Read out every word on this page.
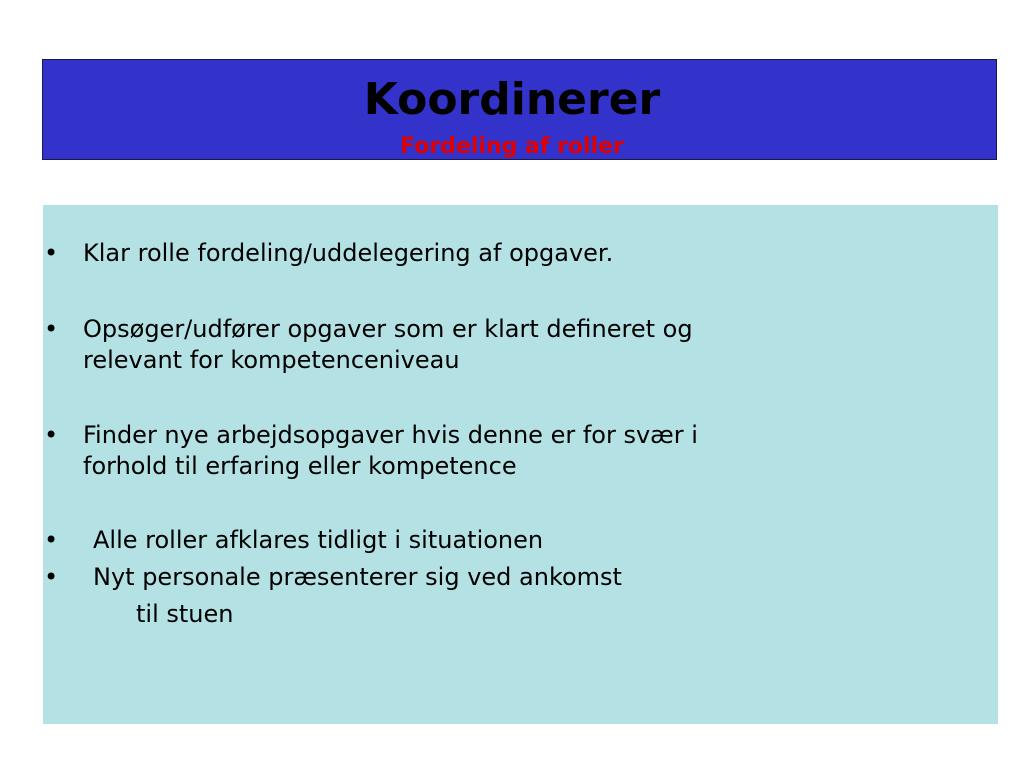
Koordinerer
Fordeling af roller
• Klar rolle fordeling/uddelegering af opgaver.
• Opsøger/udfører opgaver som er klart defineret og
relevant for kompetenceniveau
• Finder nye arbejdsopgaver hvis denne er for svær i
forhold til erfaring eller kompetence
• Alle roller afklares tidligt i situationen
• Nyt personale præsenterer sig ved ankomst
til stuen
